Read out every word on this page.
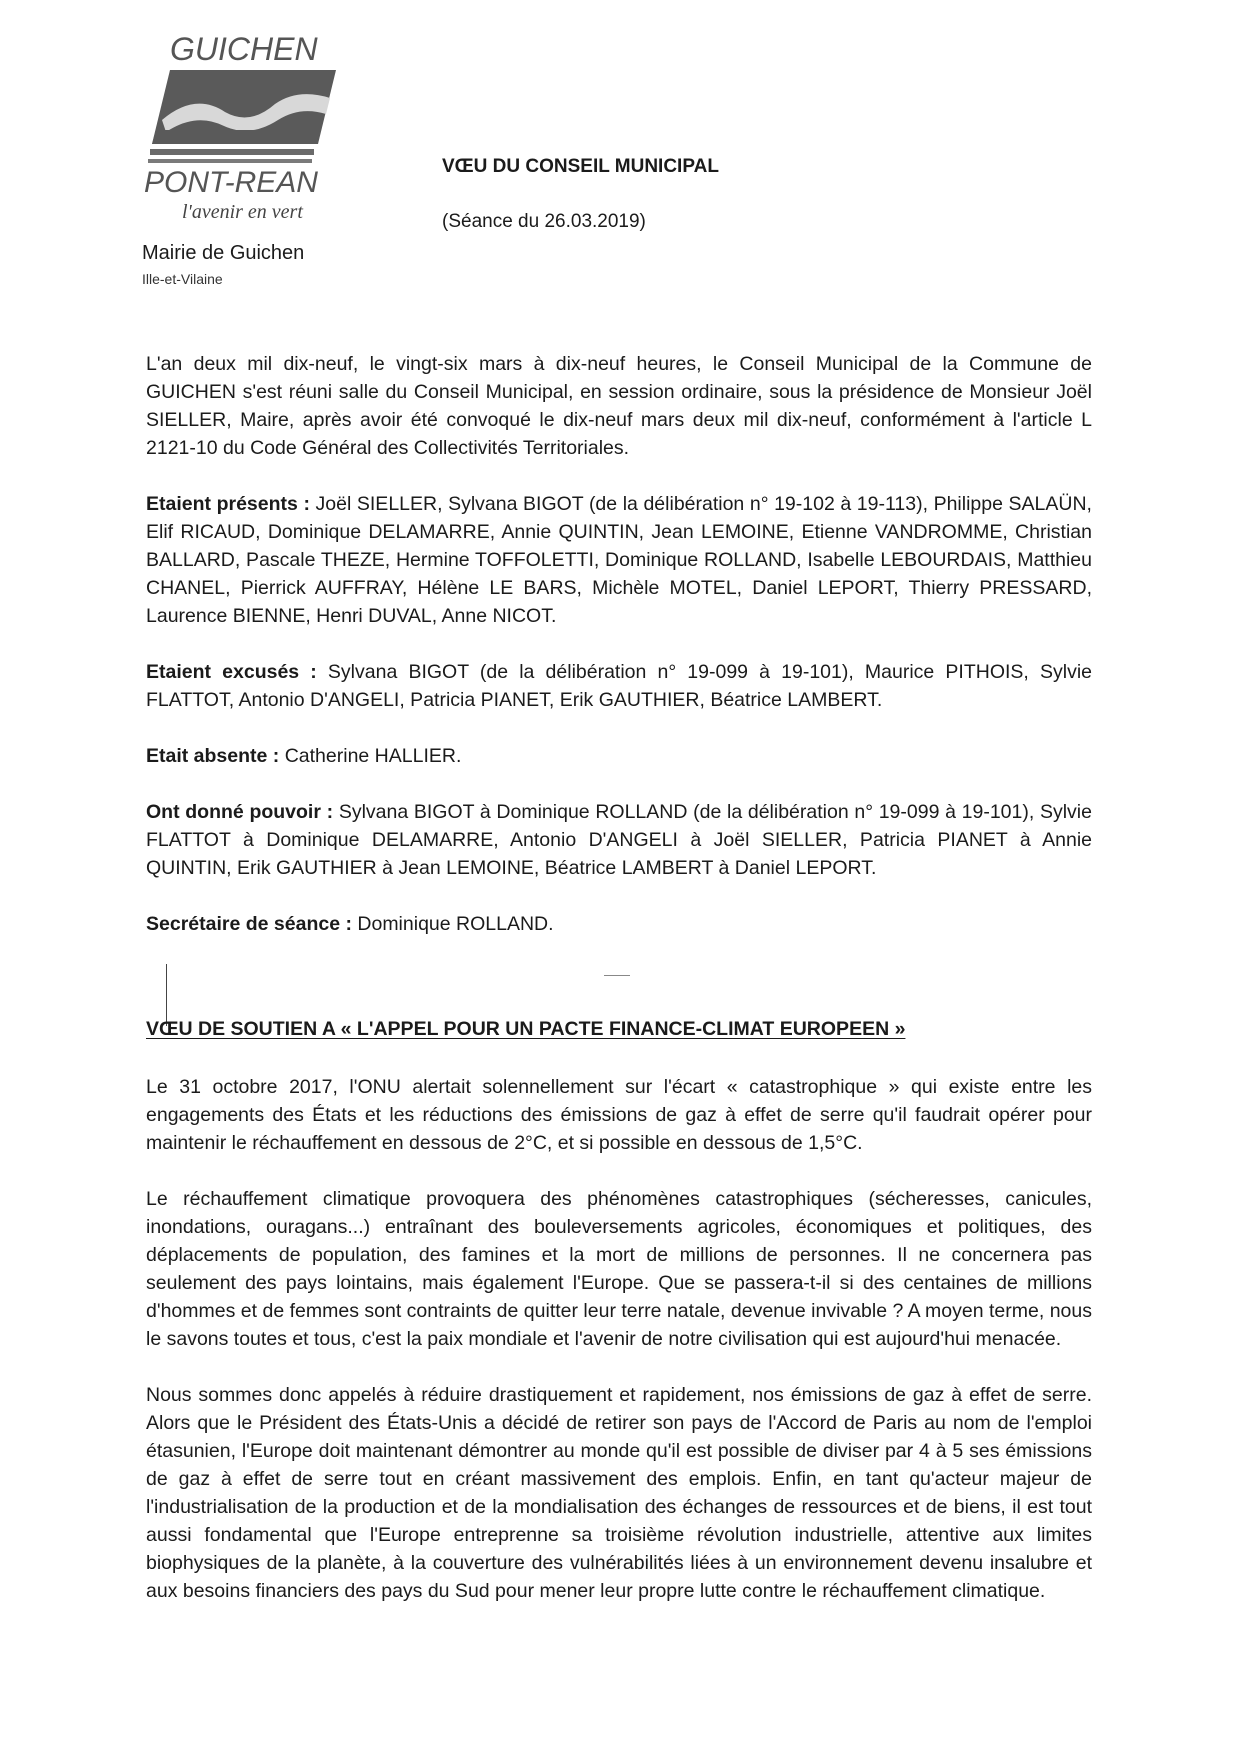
GUICHEN
PONT-REAN
l'avenir en vert
Mairie de Guichen
Ille-et-Vilaine
VŒU DU CONSEIL MUNICIPAL
(Séance du 26.03.2019)

L'an deux mil dix-neuf, le vingt-six mars à dix-neuf heures, le Conseil Municipal de la Commune de GUICHEN s'est réuni salle du Conseil Municipal, en session ordinaire, sous la présidence de Monsieur Joël SIELLER, Maire, après avoir été convoqué le dix-neuf mars deux mil dix-neuf, conformément à l'article L 2121-10 du Code Général des Collectivités Territoriales.

Etaient présents : Joël SIELLER, Sylvana BIGOT (de la délibération n° 19-102 à 19-113), Philippe SALAÜN, Elif RICAUD, Dominique DELAMARRE, Annie QUINTIN, Jean LEMOINE, Etienne VANDROMME, Christian BALLARD, Pascale THEZE, Hermine TOFFOLETTI, Dominique ROLLAND, Isabelle LEBOURDAIS, Matthieu CHANEL, Pierrick AUFFRAY, Hélène LE BARS, Michèle MOTEL, Daniel LEPORT, Thierry PRESSARD, Laurence BIENNE, Henri DUVAL, Anne NICOT.

Etaient excusés : Sylvana BIGOT (de la délibération n° 19-099 à 19-101), Maurice PITHOIS, Sylvie FLATTOT, Antonio D'ANGELI, Patricia PIANET, Erik GAUTHIER, Béatrice LAMBERT.

Etait absente : Catherine HALLIER.

Ont donné pouvoir : Sylvana BIGOT à Dominique ROLLAND (de la délibération n° 19-099 à 19-101), Sylvie FLATTOT à Dominique DELAMARRE, Antonio D'ANGELI à Joël SIELLER, Patricia PIANET à Annie QUINTIN, Erik GAUTHIER à Jean LEMOINE, Béatrice LAMBERT à Daniel LEPORT.

Secrétaire de séance : Dominique ROLLAND.

VŒU DE SOUTIEN A « L'APPEL POUR UN PACTE FINANCE-CLIMAT EUROPEEN »

Le 31 octobre 2017, l'ONU alertait solennellement sur l'écart « catastrophique » qui existe entre les engagements des États et les réductions des émissions de gaz à effet de serre qu'il faudrait opérer pour maintenir le réchauffement en dessous de 2°C, et si possible en dessous de 1,5°C.

Le réchauffement climatique provoquera des phénomènes catastrophiques (sécheresses, canicules, inondations, ouragans...) entraînant des bouleversements agricoles, économiques et politiques, des déplacements de population, des famines et la mort de millions de personnes. Il ne concernera pas seulement des pays lointains, mais également l'Europe. Que se passera-t-il si des centaines de millions d'hommes et de femmes sont contraints de quitter leur terre natale, devenue invivable ? A moyen terme, nous le savons toutes et tous, c'est la paix mondiale et l'avenir de notre civilisation qui est aujourd'hui menacée.

Nous sommes donc appelés à réduire drastiquement et rapidement, nos émissions de gaz à effet de serre. Alors que le Président des États-Unis a décidé de retirer son pays de l'Accord de Paris au nom de l'emploi étasunien, l'Europe doit maintenant démontrer au monde qu'il est possible de diviser par 4 à 5 ses émissions de gaz à effet de serre tout en créant massivement des emplois. Enfin, en tant qu'acteur majeur de l'industrialisation de la production et de la mondialisation des échanges de ressources et de biens, il est tout aussi fondamental que l'Europe entreprenne sa troisième révolution industrielle, attentive aux limites biophysiques de la planète, à la couverture des vulnérabilités liées à un environnement devenu insalubre et aux besoins financiers des pays du Sud pour mener leur propre lutte contre le réchauffement climatique.
